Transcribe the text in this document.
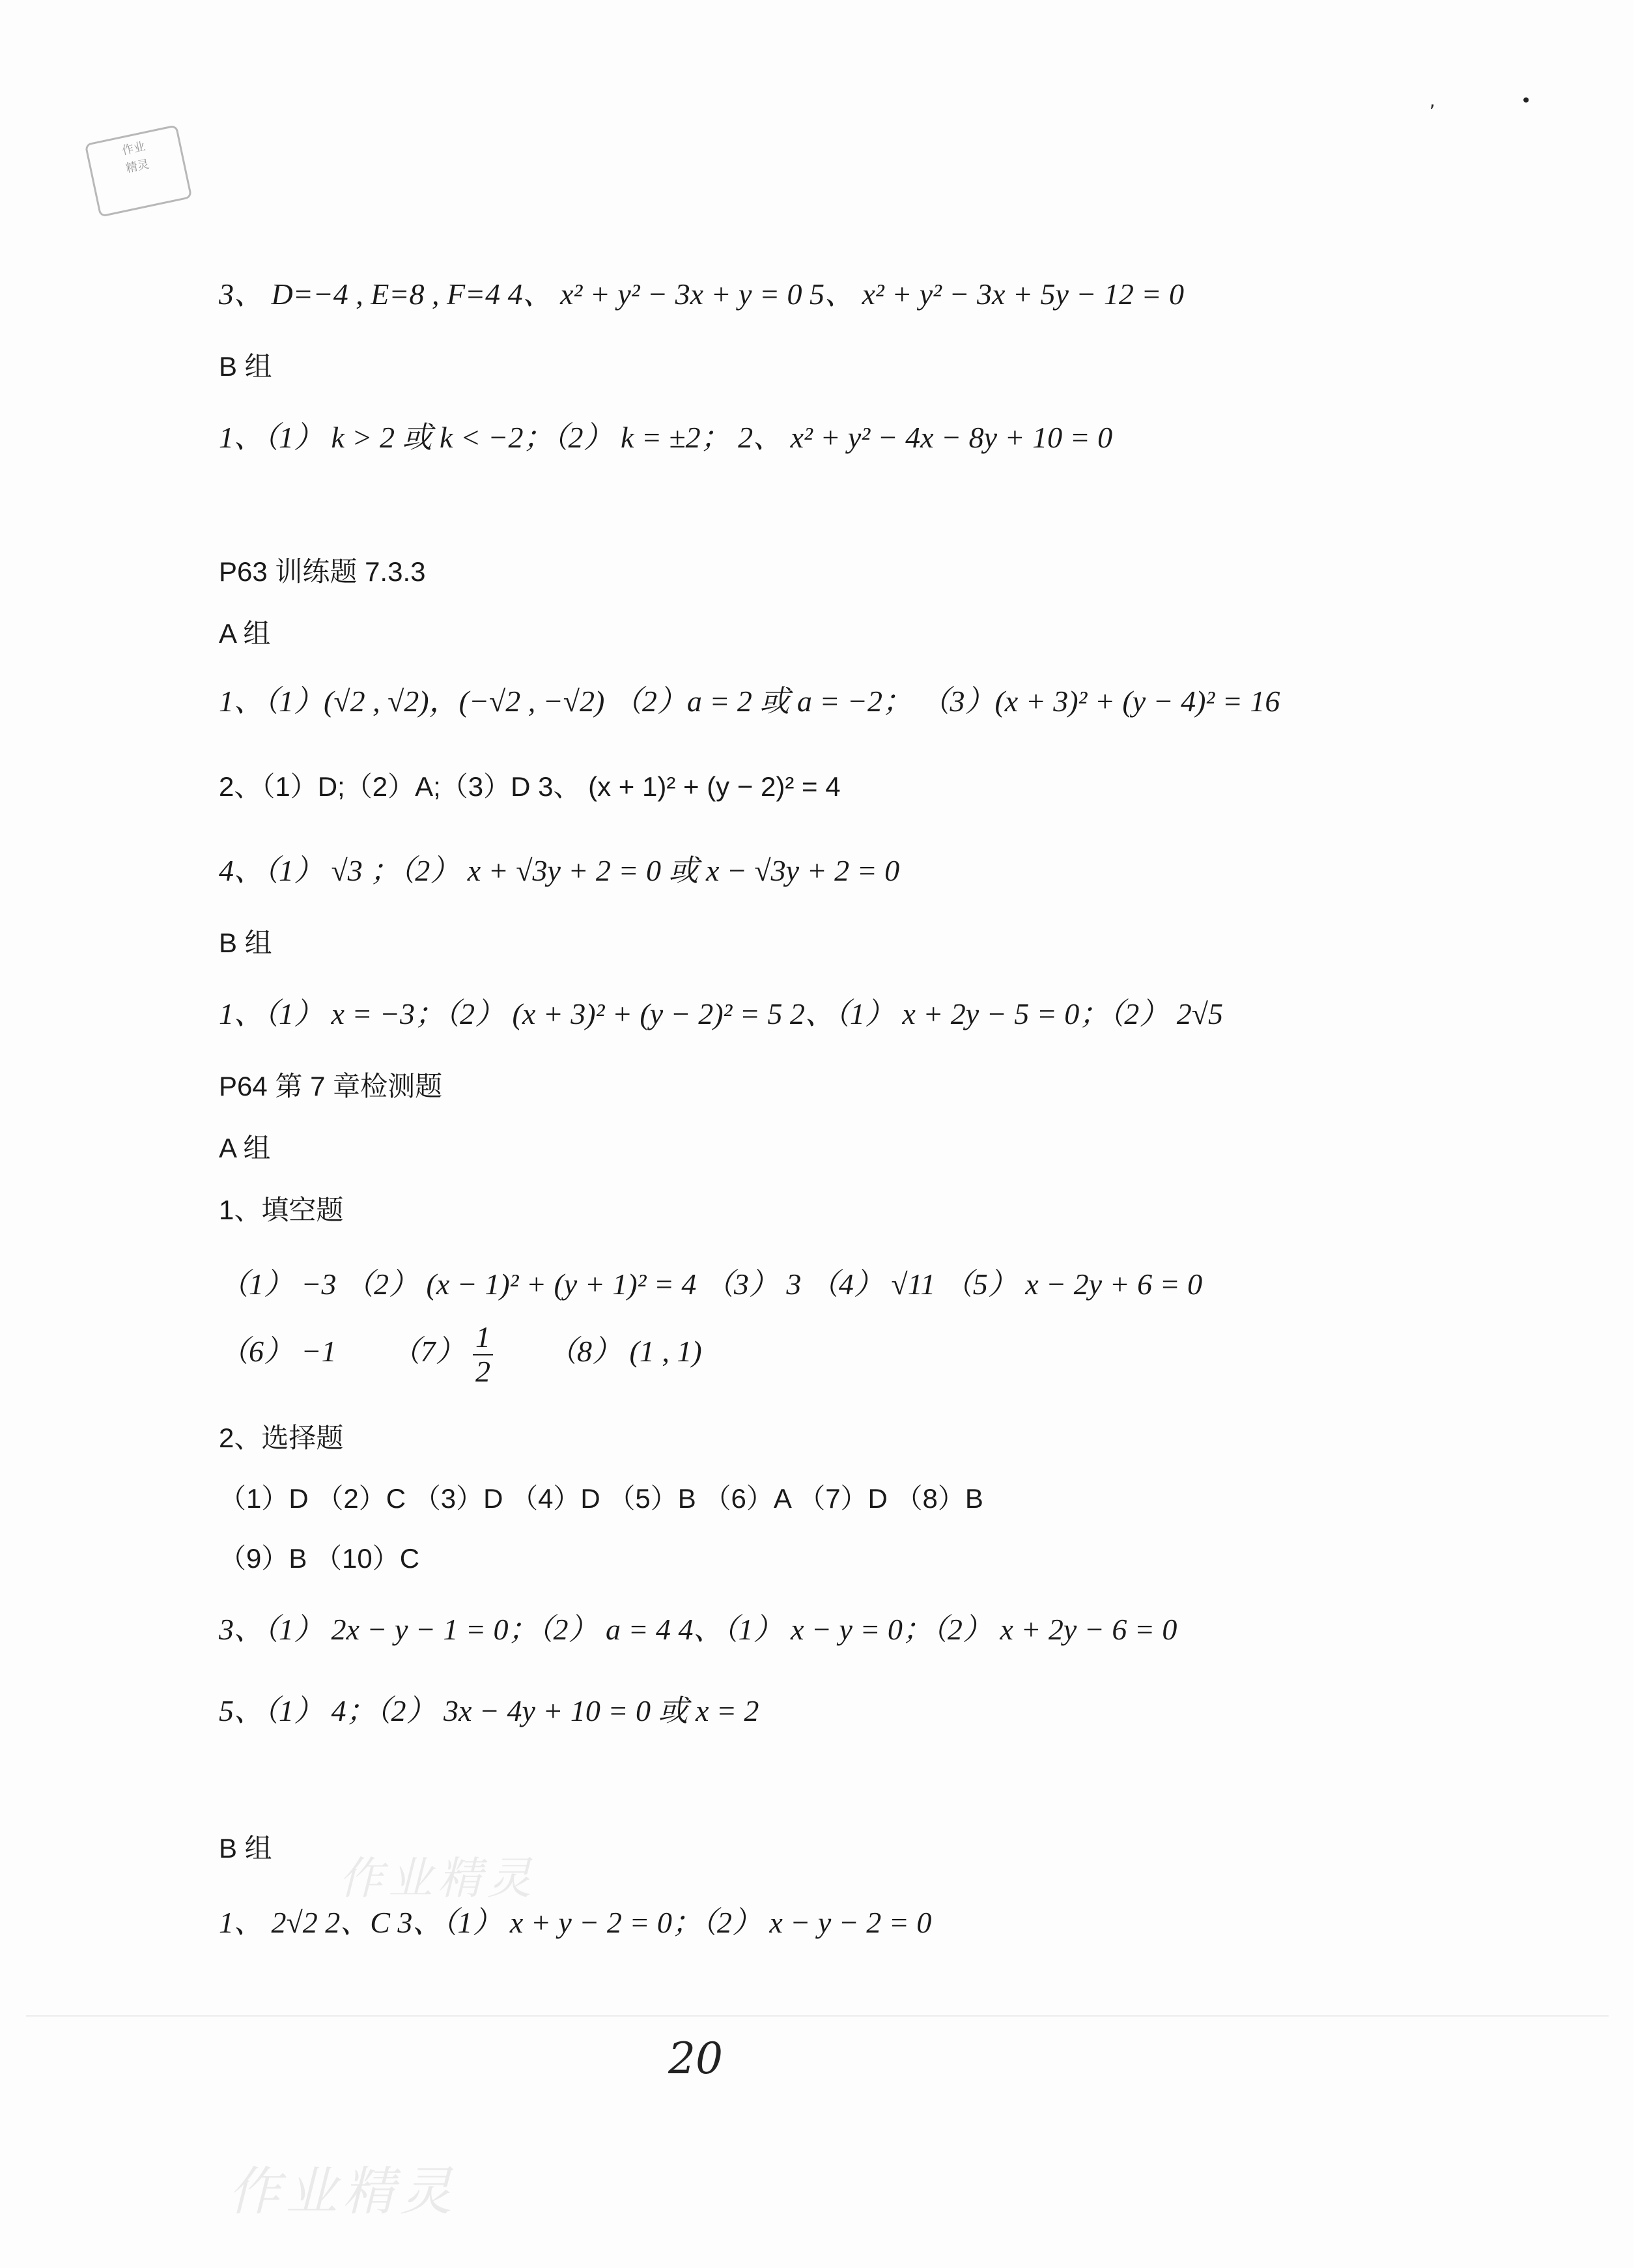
作业
精灵
,	•
3、 D=−4 , E=8 , F=4 4、 x² + y² − 3x + y = 0 5、 x² + y² − 3x + 5y − 12 = 0
B 组
1、（1） k > 2 或 k < −2；（2） k = ±2； 2、 x² + y² − 4x − 8y + 10 = 0
P63 训练题 7.3.3
A 组
1、（1）(√2 , √2)，(−√2 , −√2) （2）a = 2 或 a = −2； （3）(x + 3)² + (y − 4)² = 16
2、（1）D;（2）A;（3）D 3、 (x + 1)² + (y − 2)² = 4
4、（1） √3 ；（2） x + √3y + 2 = 0 或 x − √3y + 2 = 0
B 组
1、（1） x = −3；（2） (x + 3)² + (y − 2)² = 5 2、（1） x + 2y − 5 = 0；（2） 2√5
P64 第 7 章检测题
A 组
1、填空题
（1） −3 （2） (x − 1)² + (y + 1)² = 4 （3） 3 （4） √11 （5） x − 2y + 6 = 0
（6） −1 $(7) \frac{1}{2} (8)$ (1 , 1)
2、选择题
（1）D （2）C （3）D （4）D （5）B （6）A （7）D （8）B
（9）B （10）C
3、（1） 2x − y − 1 = 0；（2） a = 4 4、（1） x − y = 0；（2） x + 2y − 6 = 0
5、（1） 4；（2） 3x − 4y + 10 = 0 或 x = 2
B 组
1、 2√2 2、C 3、（1） x + y − 2 = 0；（2） x − y − 2 = 0
作业精灵
20
作业精灵
